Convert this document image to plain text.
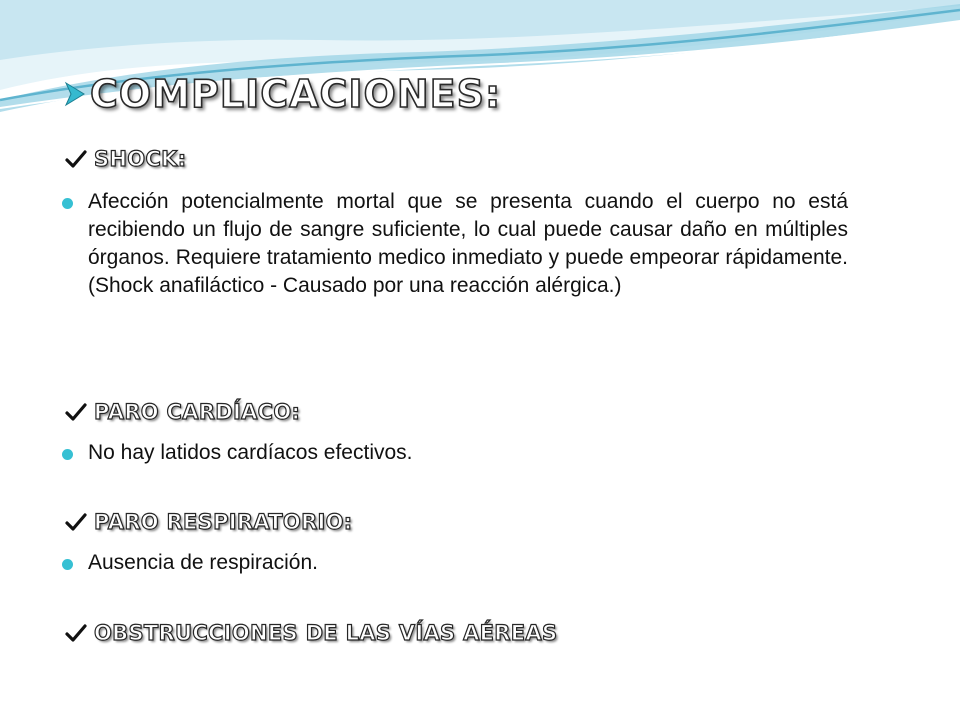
COMPLICACIONES:
SHOCK:
Afección potencialmente mortal que se presenta cuando el cuerpo no está recibiendo un flujo de sangre suficiente, lo cual puede causar daño en múltiples órganos. Requiere tratamiento medico inmediato y puede empeorar rápidamente. (Shock anafiláctico - Causado por una reacción alérgica.)
PARO CARDÍACO:
No hay latidos cardíacos efectivos.
PARO RESPIRATORIO:
Ausencia de respiración.
OBSTRUCCIONES DE LAS VÍAS AÉREAS
